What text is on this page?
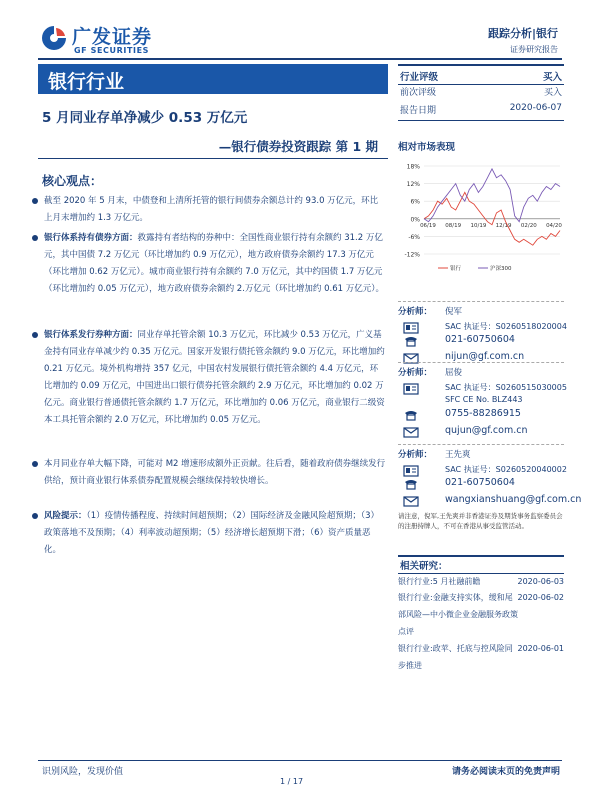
广发证券
GF SECURITIES
跟踪分析|银行
证券研究报告
银行行业
5 月同业存单净减少 0.53 万亿元
—银行债券投资跟踪 第 1 期
行业评级	买入
前次评级	买入
报告日期	2020-06-07
相对市场表现
18%
12%
6%
0%
-6%
-12%
06/19 08/19 10/19 12/19 02/20 04/20
银行	沪深300
核心观点：
截至 2020 年 5 月末，中债登和上清所托管的银行间债券余额总计约 93.0 万亿元，环比上月末增加约 1.3 万亿元。
银行体系持有债券方面：救露持有者结构的券种中：全国性商业银行持有余额约 31.2 万亿元，其中国债 7.2 万亿元（环比增加约 0.9 万亿元），地方政府债券余额约 17.3 万亿元（环比增加 0.62 万亿元）。城市商业银行持有余额约 7.0 万亿元，其中约国债 1.7 万亿元（环比增加约 0.05 万亿元），地方政府债券余额约 2.万亿元（环比增加约 0.61 万亿元）。
银行体系发行券种方面：同业存单托管余额 10.3 万亿元，环比减少 0.53 万亿元，广义基金持有同业存单减少约 0.35 万亿元。国家开发银行债托管余额约 9.0 万亿元，环比增加约 0.21 万亿元。境外机构增持 357 亿元，中国农村发展银行债托管余额约 4.4 万亿元，环比增加约 0.09 万亿元，中国进出口银行债券托管余额约 2.9 万亿元，环比增加约 0.02 万亿元。商业银行普通债托管余额约 1.7 万亿元，环比增加约 0.06 万亿元，商业银行二级资本工具托管余额约 2.0 万亿元，环比增加约 0.05 万亿元。
本月同业存单大幅下降，可能对 M2 增速形成额外正贡献。往后看，随着政府债券继续发行供给，预计商业银行体系债券配置规模会继续保持较快增长。
风险提示：（1）疫情传播程度、持续时间超预期；（2）国际经济及金融风险超预期；（3）政策落地不及预期；（4）利率波动超预期；（5）经济增长超预期下滑；（6）资产质量恶化。
分析师： 倪军
SAC 执证号：S0260518020004
021-60750604
nijun@gf.com.cn
分析师： 屈俊
SAC 执证号：S0260515030005
SFC CE No. BLZ443
0755-88286915
qujun@gf.com.cn
分析师： 王先爽
SAC 执证号：S0260520040002
021-60750604
wangxianshuang@gf.com.cn
请注意，倪军,王先爽并非香港证券及期货事务监察委员会的注册持牌人，不可在香港从事受监管活动。
相关研究：
银行行业:5 月社融前瞻	2020-06-03
银行行业:金融支持实体，缓和尾部风险—中小微企业金融服务政策点评
2020-06-02
银行行业:政苹、托底与控风险同步推进
2020-06-01
识别风险，发现价值	请务必阅读末页的免责声明
1 / 17
